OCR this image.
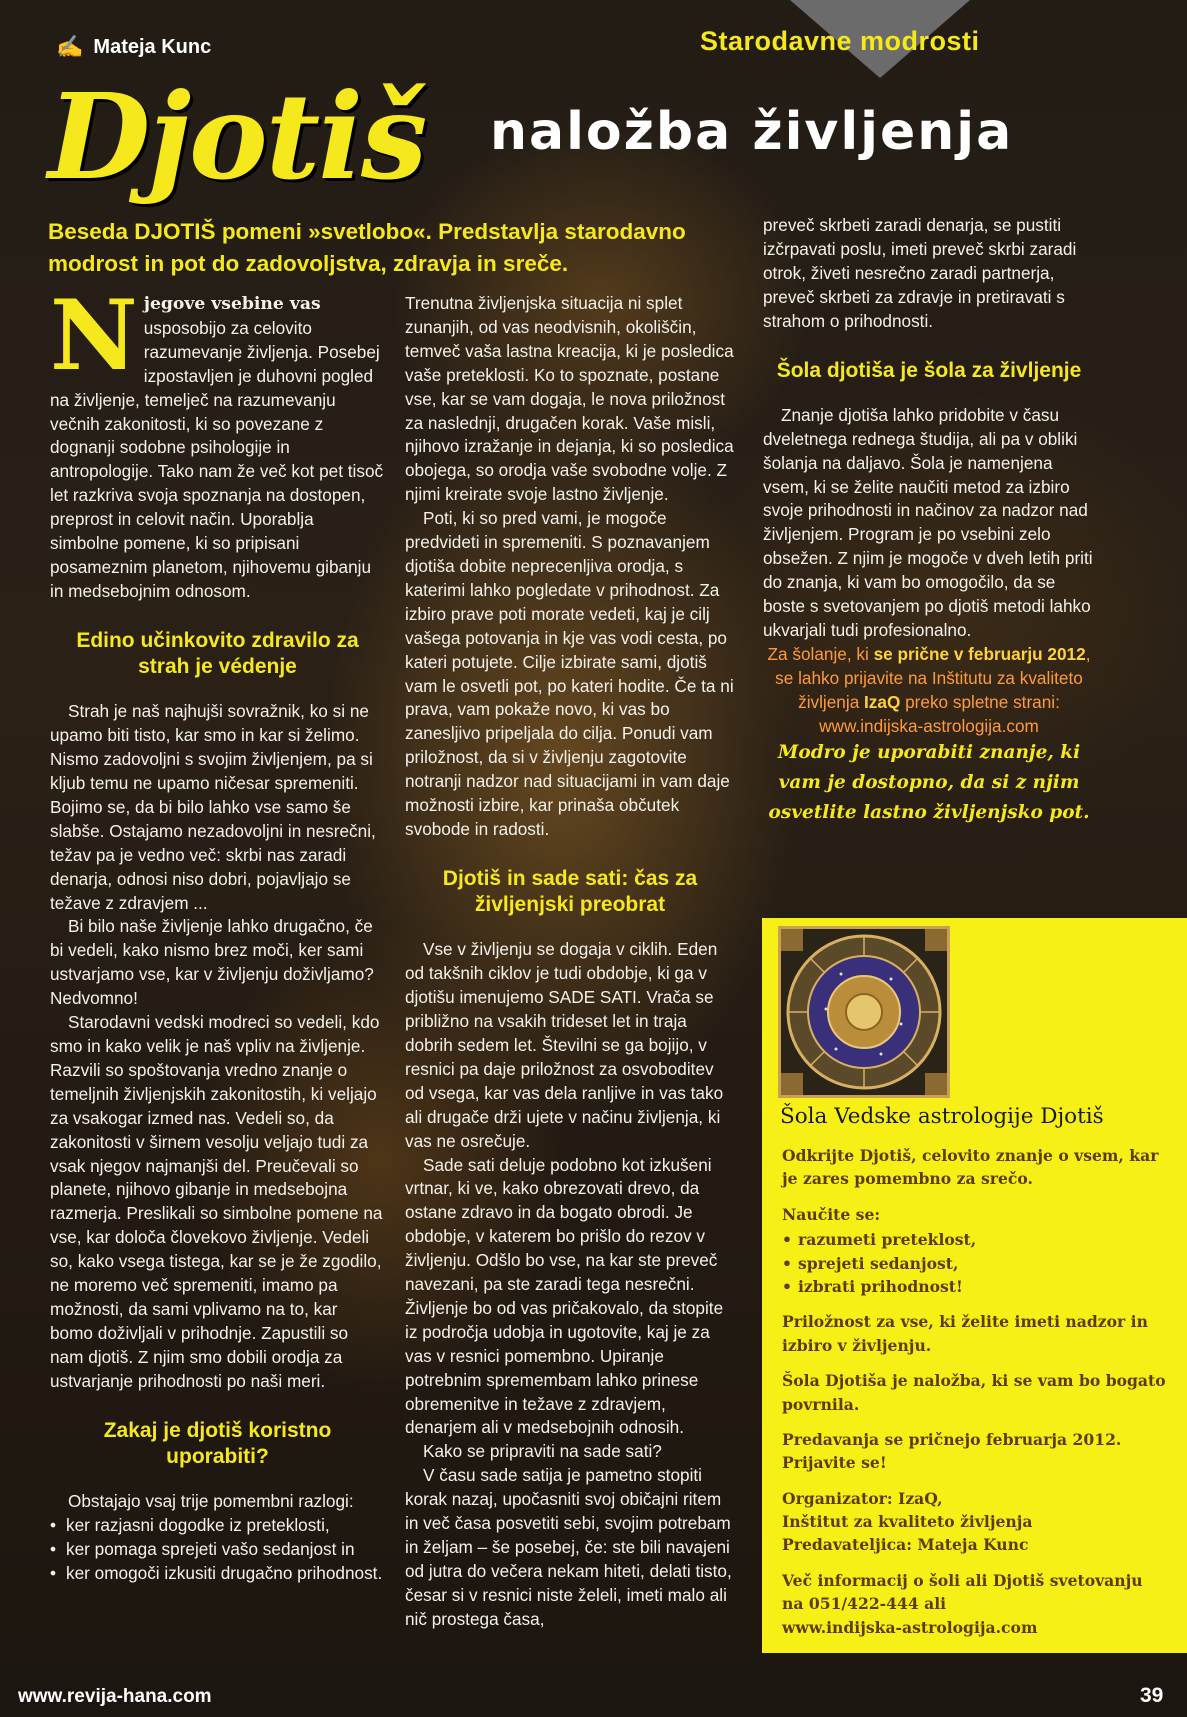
✍ Mateja Kunc	Starodavne modrosti
Djotiš naložba življenja
Beseda DJOTIŠ pomeni »svetlobo«. Predstavlja starodavno modrost in pot do zadovoljstva, zdravja in sreče.

Njegove vsebine vas usposobijo za celovito razumevanje življenja. Posebej izpostavljen je duhovni pogled na življenje, temelječ na razumevanju večnih zakonitosti, ki so povezane z dognanji sodobne psihologije in antropologije. Tako nam že več kot pet tisoč let razkriva svoja spoznanja na dostopen, preprost in celovit način. Uporablja simbolne pomene, ki so pripisani posameznim planetom, njihovemu gibanju in medsebojnim odnosom.

Edino učinkovito zdravilo za strah je védenje

Strah je naš najhujši sovražnik, ko si ne upamo biti tisto, kar smo in kar si želimo. Nismo zadovoljni s svojim življenjem, pa si kljub temu ne upamo ničesar spremeniti. Bojimo se, da bi bilo lahko vse samo še slabše. Ostajamo nezadovoljni in nesrečni, težav pa je vedno več: skrbi nas zaradi denarja, odnosi niso dobri, pojavljajo se težave z zdravjem ...

Bi bilo naše življenje lahko drugačno, če bi vedeli, kako nismo brez moči, ker sami ustvarjamo vse, kar v življenju doživljamo? Nedvomno!

Starodavni vedski modreci so vedeli, kdo smo in kako velik je naš vpliv na življenje. Razvili so spoštovanja vredno znanje o temeljnih življenjskih zakonitostih, ki veljajo za vsakogar izmed nas. Vedeli so, da zakonitosti v širnem vesolju veljajo tudi za vsak njegov najmanjši del. Preučevali so planete, njihovo gibanje in medsebojna razmerja. Preslikali so simbolne pomene na vse, kar določa človekovo življenje. Vedeli so, kako vsega tistega, kar se je že zgodilo, ne moremo več spremeniti, imamo pa možnosti, da sami vplivamo na to, kar bomo doživljali v prihodnje. Zapustili so nam djotiš. Z njim smo dobili orodja za ustvarjanje prihodnosti po naši meri.

Zakaj je djotiš koristno uporabiti?

Obstajajo vsaj trije pomembni razlogi:

• ker razjasni dogodke iz preteklosti,
• ker pomaga sprejeti vašo sedanjost in
• ker omogoči izkusiti drugačno prihodnost.

Trenutna življenjska situacija ni splet zunanjih, od vas neodvisnih, okoliščin, temveč vaša lastna kreacija, ki je posledica vaše preteklosti. Ko to spoznate, postane vse, kar se vam dogaja, le nova priložnost za naslednji, drugačen korak. Vaše misli, njihovo izražanje in dejanja, ki so posledica obojega, so orodja vaše svobodne volje. Z njimi kreirate svoje lastno življenje.

Poti, ki so pred vami, je mogoče predvideti in spremeniti. S poznavanjem djotiša dobite neprecenljiva orodja, s katerimi lahko pogledate v prihodnost. Za izbiro prave poti morate vedeti, kaj je cilj vašega potovanja in kje vas vodi cesta, po kateri potujete. Cilje izbirate sami, djotiš vam le osvetli pot, po kateri hodite. Če ta ni prava, vam pokaže novo, ki vas bo zanesljivo pripeljala do cilja. Ponudi vam priložnost, da si v življenju zagotovite notranji nadzor nad situacijami in vam daje možnosti izbire, kar prinaša občutek svobode in radosti.

Djotiš in sade sati: čas za življenjski preobrat

Vse v življenju se dogaja v ciklih. Eden od takšnih ciklov je tudi obdobje, ki ga v djotišu imenujemo SADE SATI. Vrača se približno na vsakih trideset let in traja dobrih sedem let. Številni se ga bojijo, v resnici pa daje priložnost za osvoboditev od vsega, kar vas dela ranljive in vas tako ali drugače drži ujete v načinu življenja, ki vas ne osrečuje.

Sade sati deluje podobno kot izkušeni vrtnar, ki ve, kako obrezovati drevo, da ostane zdravo in da bogato obrodi. Je obdobje, v katerem bo prišlo do rezov v življenju. Odšlo bo vse, na kar ste preveč navezani, pa ste zaradi tega nesrečni. Življenje bo od vas pričakovalo, da stopite iz področja udobja in ugotovite, kaj je za vas v resnici pomembno. Upiranje potrebnim spremembam lahko prinese obremenitve in težave z zdravjem, denarjem ali v medsebojnih odnosih.

Kako se pripraviti na sade sati?

V času sade satija je pametno stopiti korak nazaj, upočasniti svoj običajni ritem in več časa posvetiti sebi, svojim potrebam in željam – še posebej, če: ste bili navajeni od jutra do večera nekam hiteti, delati tisto, česar si v resnici niste želeli, imeti malo ali nič prostega časa,

preveč skrbeti zaradi denarja, se pustiti izčrpavati poslu, imeti preveč skrbi zaradi otrok, živeti nesrečno zaradi partnerja, preveč skrbeti za zdravje in pretiravati s strahom o prihodnosti.

Šola djotiša je šola za življenje

Znanje djotiša lahko pridobite v času dveletnega rednega študija, ali pa v obliki šolanja na daljavo. Šola je namenjena vsem, ki se želite naučiti metod za izbiro svoje prihodnosti in načinov za nadzor nad življenjem. Program je po vsebini zelo obsežen. Z njim je mogoče v dveh letih priti do znanja, ki vam bo omogočilo, da se boste s svetovanjem po djotiš metodi lahko ukvarjali tudi profesionalno.

Za šolanje, ki se prične v februarju 2012, se lahko prijavite na Inštitutu za kvaliteto življenja IzaQ preko spletne strani: www.indijska-astrologija.com

Modro je uporabiti znanje, ki vam je dostopno, da si z njim osvetlite lastno življenjsko pot.

Šola Vedske astrologije Djotiš

Odkrijte Djotiš, celovito znanje o vsem, kar je zares pomembno za srečo.

Naučite se:

• razumeti preteklost,
• sprejeti sedanjost,
• izbrati prihodnost!

Priložnost za vse, ki želite imeti nadzor in izbiro v življenju.

Šola Djotiša je naložba, ki se vam bo bogato povrnila.

Predavanja se pričnejo februarja 2012.
Prijavite se!

Organizator: IzaQ,
Inštitut za kvaliteto življenja
Predavateljica: Mateja Kunc

Več informacij o šoli ali Djotiš svetovanju
na 051/422-444 ali
www.indijska-astrologija.com

www.revija-hana.com	39
